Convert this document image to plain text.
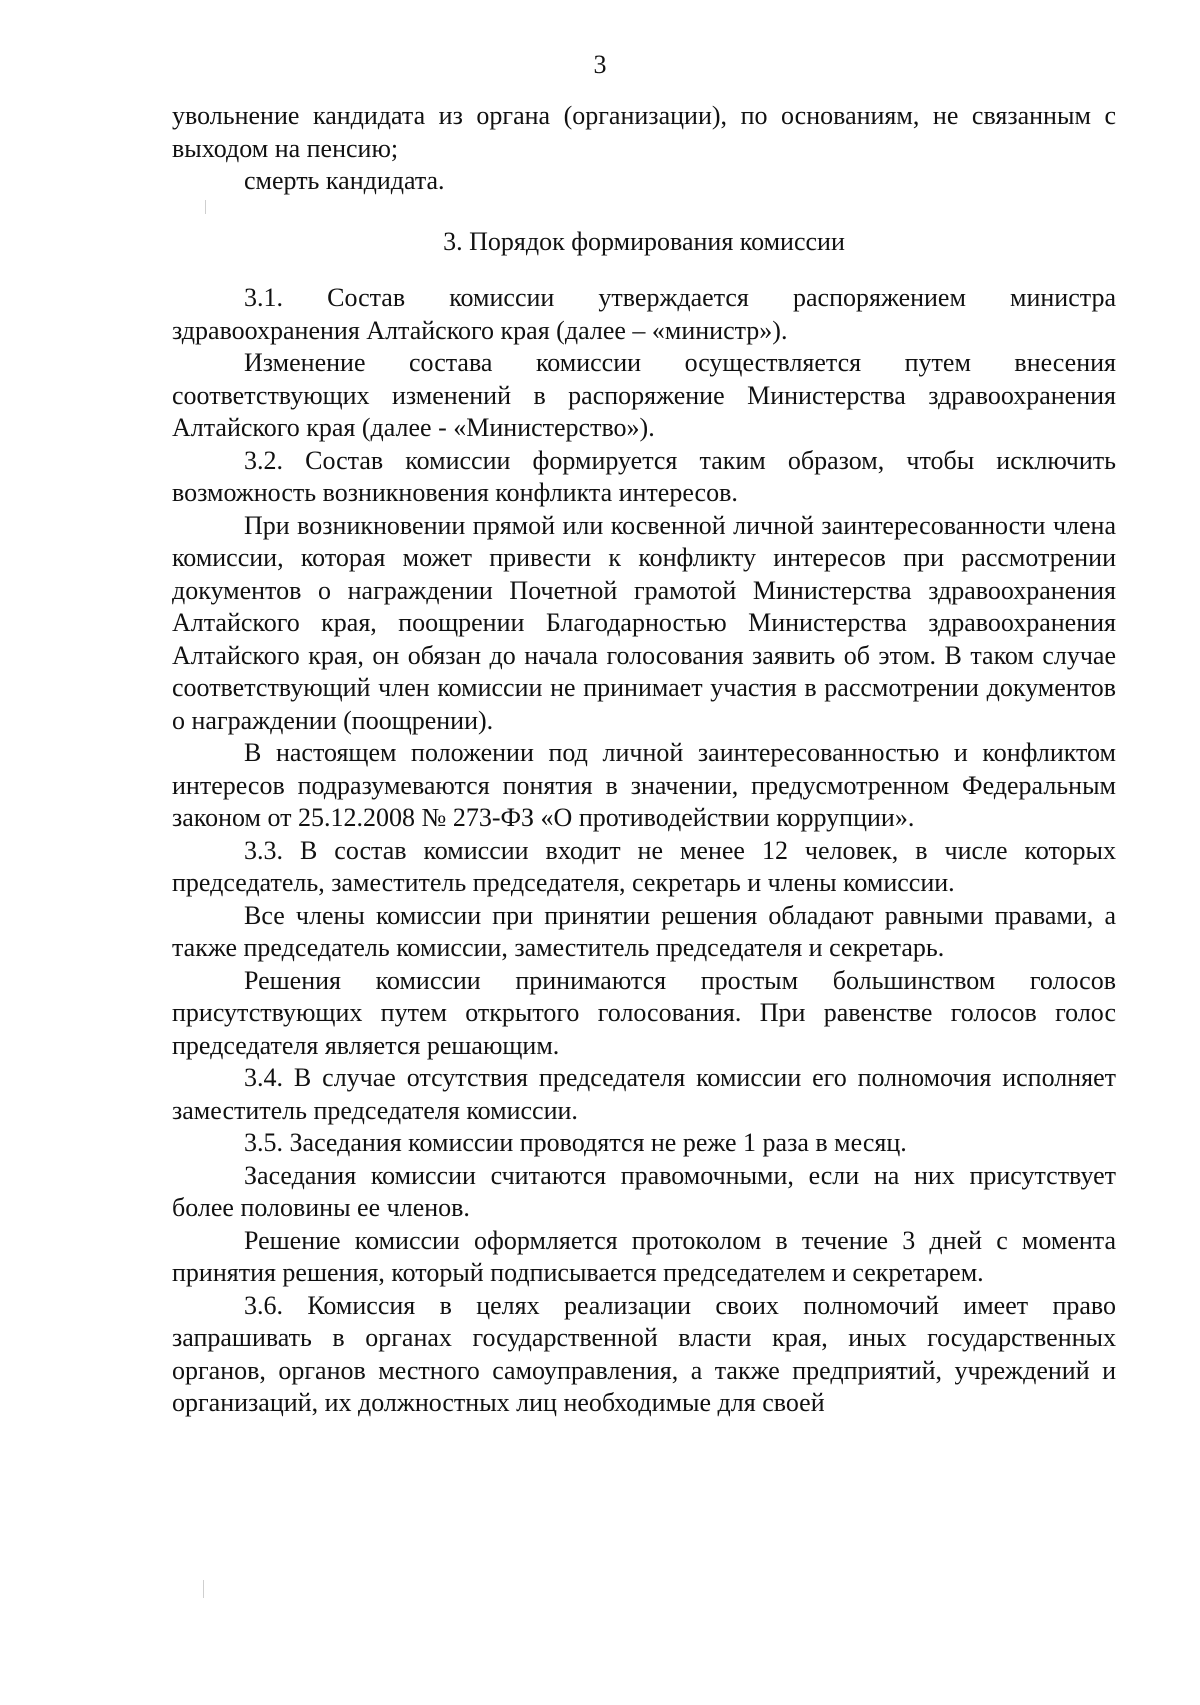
3

увольнение кандидата из органа (организации), по основаниям, не связанным с выходом на пенсию;

смерть кандидата.

3. Порядок формирования комиссии

3.1. Состав комиссии утверждается распоряжением министра здравоохранения Алтайского края (далее – «министр»).

Изменение состава комиссии осуществляется путем внесения соответствующих изменений в распоряжение Министерства здравоохранения Алтайского края (далее - «Министерство»).

3.2. Состав комиссии формируется таким образом, чтобы исключить возможность возникновения конфликта интересов.

При возникновении прямой или косвенной личной заинтересованности члена комиссии, которая может привести к конфликту интересов при рассмотрении документов о награждении Почетной грамотой Министерства здравоохранения Алтайского края, поощрении Благодарностью Министерства здравоохранения Алтайского края, он обязан до начала голосования заявить об этом. В таком случае соответствующий член комиссии не принимает участия в рассмотрении документов о награждении (поощрении).

В настоящем положении под личной заинтересованностью и конфликтом интересов подразумеваются понятия в значении, предусмотренном Федеральным законом от 25.12.2008 № 273-ФЗ «О противодействии коррупции».

3.3. В состав комиссии входит не менее 12 человек, в числе которых председатель, заместитель председателя, секретарь и члены комиссии.

Все члены комиссии при принятии решения обладают равными правами, а также председатель комиссии, заместитель председателя и секретарь.

Решения комиссии принимаются простым большинством голосов присутствующих путем открытого голосования. При равенстве голосов голос председателя является решающим.

3.4. В случае отсутствия председателя комиссии его полномочия исполняет заместитель председателя комиссии.

3.5. Заседания комиссии проводятся не реже 1 раза в месяц.

Заседания комиссии считаются правомочными, если на них присутствует более половины ее членов.

Решение комиссии оформляется протоколом в течение 3 дней с момента принятия решения, который подписывается председателем и секретарем.

3.6. Комиссия в целях реализации своих полномочий имеет право запрашивать в органах государственной власти края, иных государственных органов, органов местного самоуправления, а также предприятий, учреждений и организаций, их должностных лиц необходимые для своей
